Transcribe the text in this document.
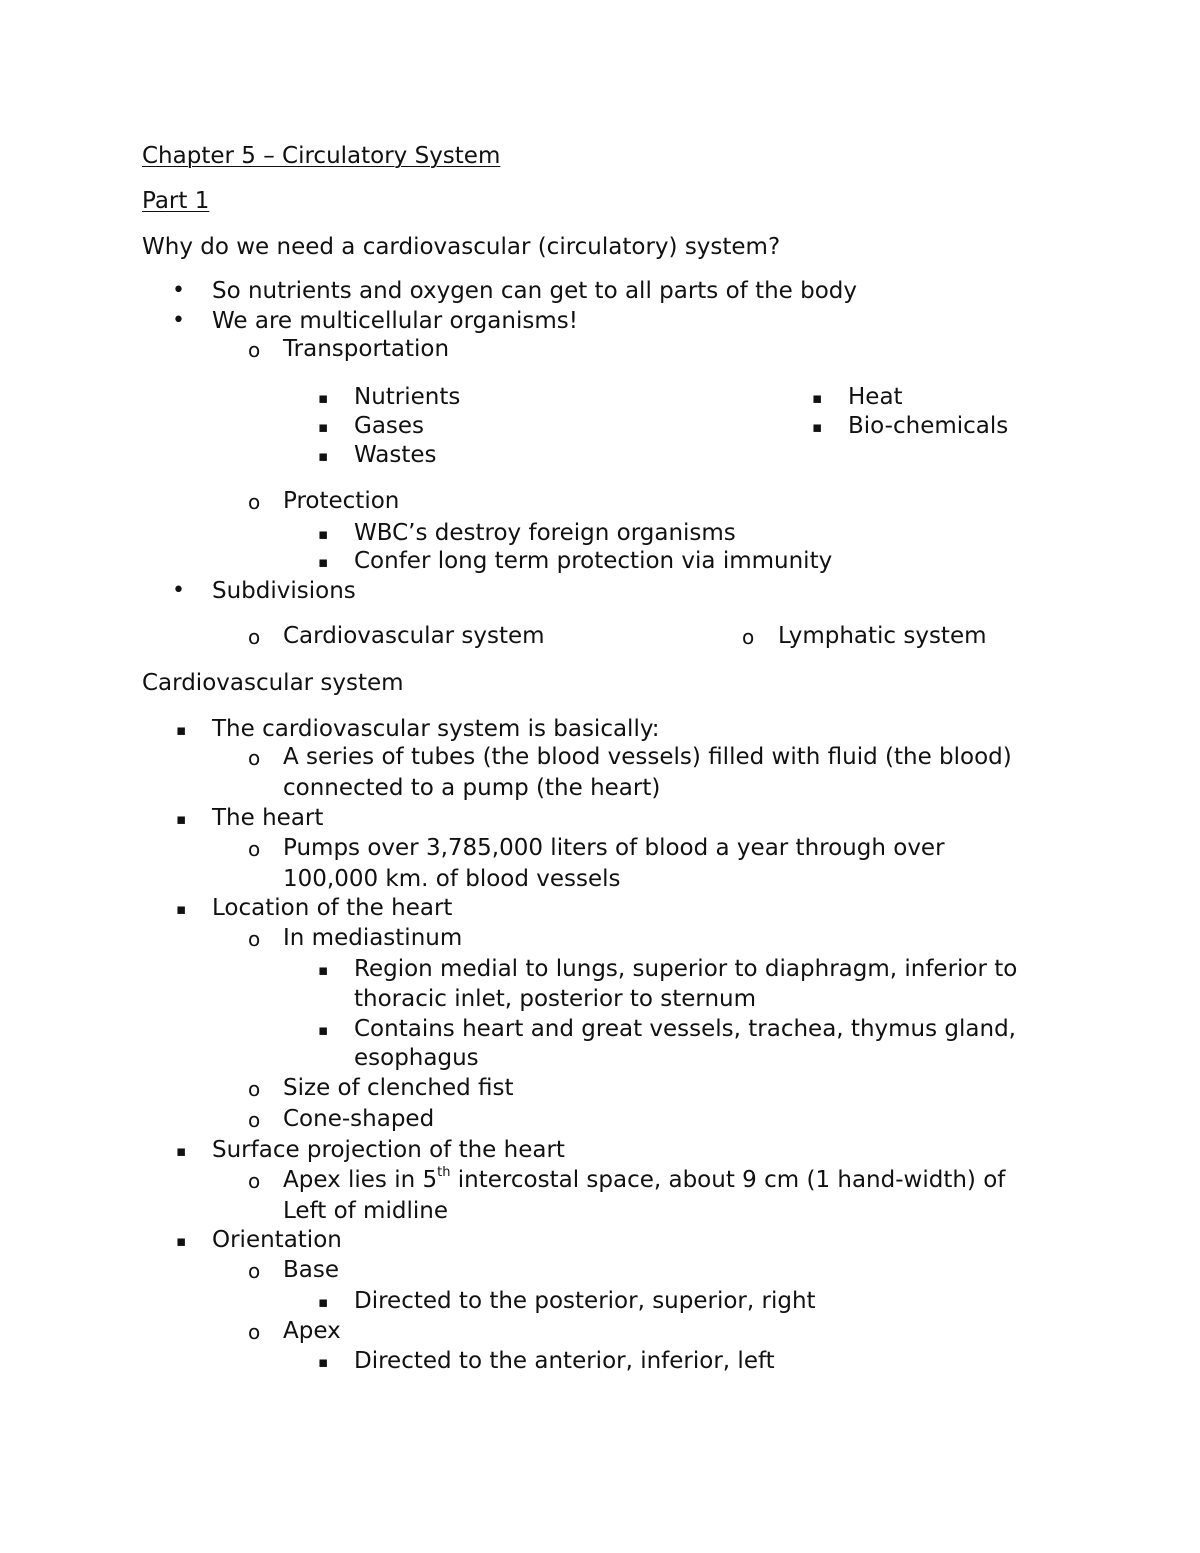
Chapter 5 – Circulatory System
Part 1
Why do we need a cardiovascular (circulatory) system?
• So nutrients and oxygen can get to all parts of the body
• We are multicellular organisms!
o Transportation
▪ Nutrients
▪ Gases
▪ Wastes
▪ Heat
▪ Bio-chemicals
o Protection
▪ WBC’s destroy foreign organisms
▪ Confer long term protection via immunity
• Subdivisions
o Cardiovascular system	o Lymphatic system
Cardiovascular system
▪ The cardiovascular system is basically:
o A series of tubes (the blood vessels) filled with fluid (the blood)
connected to a pump (the heart)
▪ The heart
o Pumps over 3,785,000 liters of blood a year through over
100,000 km. of blood vessels
▪ Location of the heart
o In mediastinum
▪ Region medial to lungs, superior to diaphragm, inferior to
thoracic inlet, posterior to sternum
▪ Contains heart and great vessels, trachea, thymus gland,
esophagus
o Size of clenched fist
o Cone-shaped
▪ Surface projection of the heart
o Apex lies in 5th intercostal space, about 9 cm (1 hand-width) of
Left of midline
▪ Orientation
o Base
▪ Directed to the posterior, superior, right
o Apex
▪ Directed to the anterior, inferior, left
